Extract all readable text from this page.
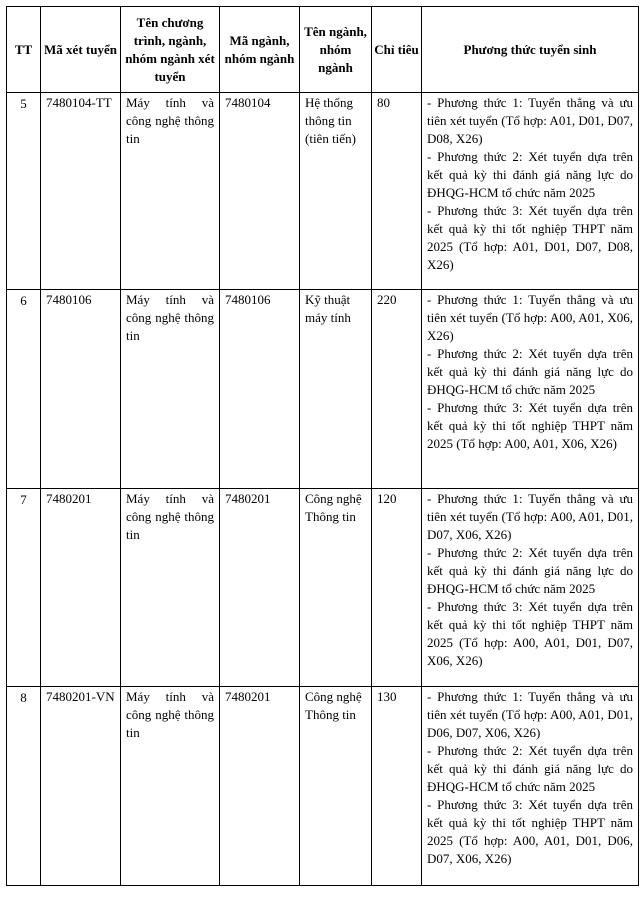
TT	Mã xét tuyển	Tên chương trình, ngành, nhóm ngành xét tuyển	Mã ngành, nhóm ngành	Tên ngành, nhóm ngành	Chỉ tiêu	Phương thức tuyển sinh
5	7480104-TT	Máy tính và công nghệ thông tin	7480104	Hệ thống thông tin (tiên tiến)	80	- Phương thức 1: Tuyển thẳng và ưu tiên xét tuyển (Tổ hợp: A01, D01, D07, D08, X26)
- Phương thức 2: Xét tuyển dựa trên kết quả kỳ thi đánh giá năng lực do ĐHQG-HCM tổ chức năm 2025
- Phương thức 3: Xét tuyển dựa trên kết quả kỳ thi tốt nghiệp THPT năm 2025 (Tổ hợp: A01, D01, D07, D08, X26)

6	7480106	Máy tính và công nghệ thông tin	7480106	Kỹ thuật máy tính	220	- Phương thức 1: Tuyển thẳng và ưu tiên xét tuyển (Tổ hợp: A00, A01, X06, X26)
- Phương thức 2: Xét tuyển dựa trên kết quả kỳ thi đánh giá năng lực do ĐHQG-HCM tổ chức năm 2025
- Phương thức 3: Xét tuyển dựa trên kết quả kỳ thi tốt nghiệp THPT năm 2025 (Tổ hợp: A00, A01, X06, X26)

7	7480201	Máy tính và công nghệ thông tin	7480201	Công nghệ Thông tin	120	- Phương thức 1: Tuyển thẳng và ưu tiên xét tuyển (Tổ hợp: A00, A01, D01, D07, X06, X26)
- Phương thức 2: Xét tuyển dựa trên kết quả kỳ thi đánh giá năng lực do ĐHQG-HCM tổ chức năm 2025
- Phương thức 3: Xét tuyển dựa trên kết quả kỳ thi tốt nghiệp THPT năm 2025 (Tổ hợp: A00, A01, D01, D07, X06, X26)

8	7480201-VN	Máy tính và công nghệ thông tin	7480201	Công nghệ Thông tin	130	- Phương thức 1: Tuyển thẳng và ưu tiên xét tuyển (Tổ hợp: A00, A01, D01, D06, D07, X06, X26)
- Phương thức 2: Xét tuyển dựa trên kết quả kỳ thi đánh giá năng lực do ĐHQG-HCM tổ chức năm 2025
- Phương thức 3: Xét tuyển dựa trên kết quả kỳ thi tốt nghiệp THPT năm 2025 (Tổ hợp: A00, A01, D01, D06, D07, X06, X26)
